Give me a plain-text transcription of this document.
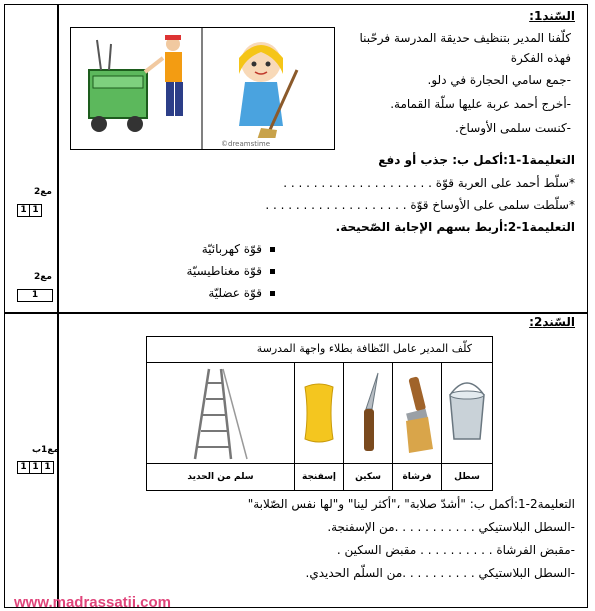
السّند1:
©dreamstime
كلّفنا المدير بتنظيف حديقة المدرسة فرحّبنا
فهذه الفكرة
-جمع سامي الحجارة في دلو.
-أخرج أحمد عربة عليها سلّة القمامة.
-كنست سلمى الأوساخ.
التعليمة1-1:أكمل ب: جذب أو دفع
*سلّط أحمد على العربة قوّة . . . . . . . . . . . . . . . . . . . .
*سلّطت سلمى على الأوساخ قوّة . . . . . . . . . . . . . . . . . . .
التعليمة1-2:أربط بسهم الإجابة الصّحيحة.
قوّة كهربائيّة
قوّة مغناطيسيّة
قوّة عضليّة
مع2
1 1
مع2
1
السّند2:
كلّف المدير عامل النّظافة بطلاء واجهة المدرسة
سطل
فرشاة
سكين
إسفنجة
سلم من الحديد
التعليمة2-1:أكمل ب: "أشدّ صلابة" ،"أكثر لينا" و"لها نفس الصّلابة"
-السطل البلاستيكي . . . . . . . . . . .من الإسفنجة.
-مقبض الفرشاة . . . . . . . . . . مقبض السكين .
-السطل البلاستيكي . . . . . . . . . .من السلّم الحديدي.
مع1ب
1 1 1
www.madrassatii.com
